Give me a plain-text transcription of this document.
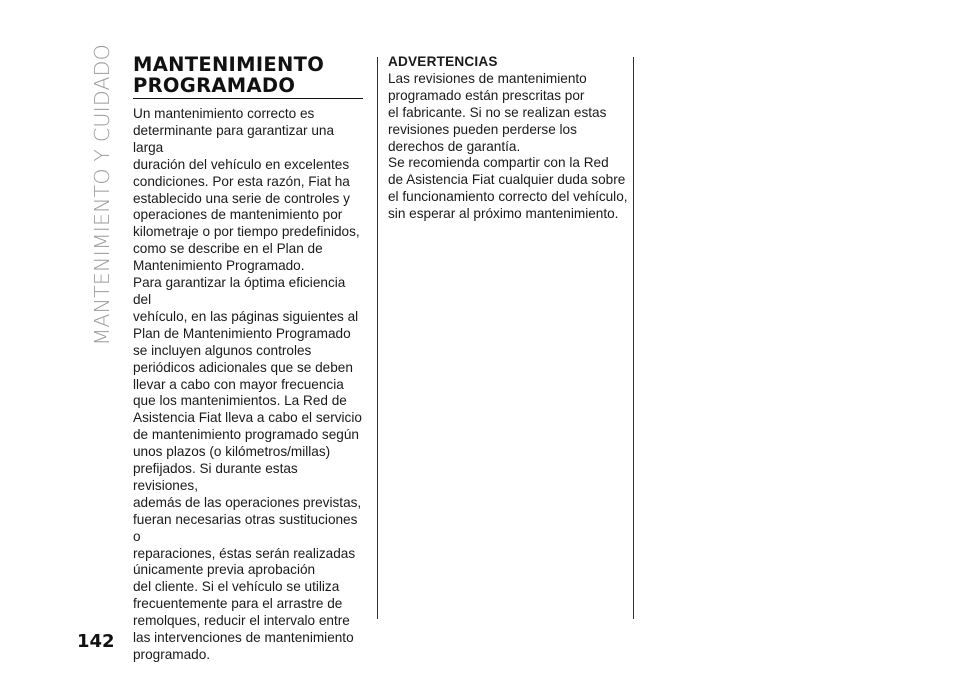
MANTENIMIENTO Y CUIDADO MANTENIMIENTO
PROGRAMADO

Un mantenimiento correcto es
determinante para garantizar una larga
duración del vehículo en excelentes
condiciones. Por esta razón, Fiat ha
establecido una serie de controles y
operaciones de mantenimiento por
kilometraje o por tiempo predefinidos,
como se describe en el Plan de
Mantenimiento Programado.

Para garantizar la óptima eficiencia del
vehículo, en las páginas siguientes al
Plan de Mantenimiento Programado
se incluyen algunos controles
periódicos adicionales que se deben
llevar a cabo con mayor frecuencia
que los mantenimientos. La Red de
Asistencia Fiat lleva a cabo el servicio
de mantenimiento programado según
unos plazos (o kilómetros/millas)
prefijados. Si durante estas revisiones,
además de las operaciones previstas,
fueran necesarias otras sustituciones o
reparaciones, éstas serán realizadas
únicamente previa aprobación
del cliente. Si el vehículo se utiliza
frecuentemente para el arrastre de
remolques, reducir el intervalo entre
las intervenciones de mantenimiento
programado.

ADVERTENCIAS

Las revisiones de mantenimiento
programado están prescritas por
el fabricante. Si no se realizan estas
revisiones pueden perderse los
derechos de garantía.

Se recomienda compartir con la Red
de Asistencia Fiat cualquier duda sobre
el funcionamiento correcto del vehículo,
sin esperar al próximo mantenimiento.

142
